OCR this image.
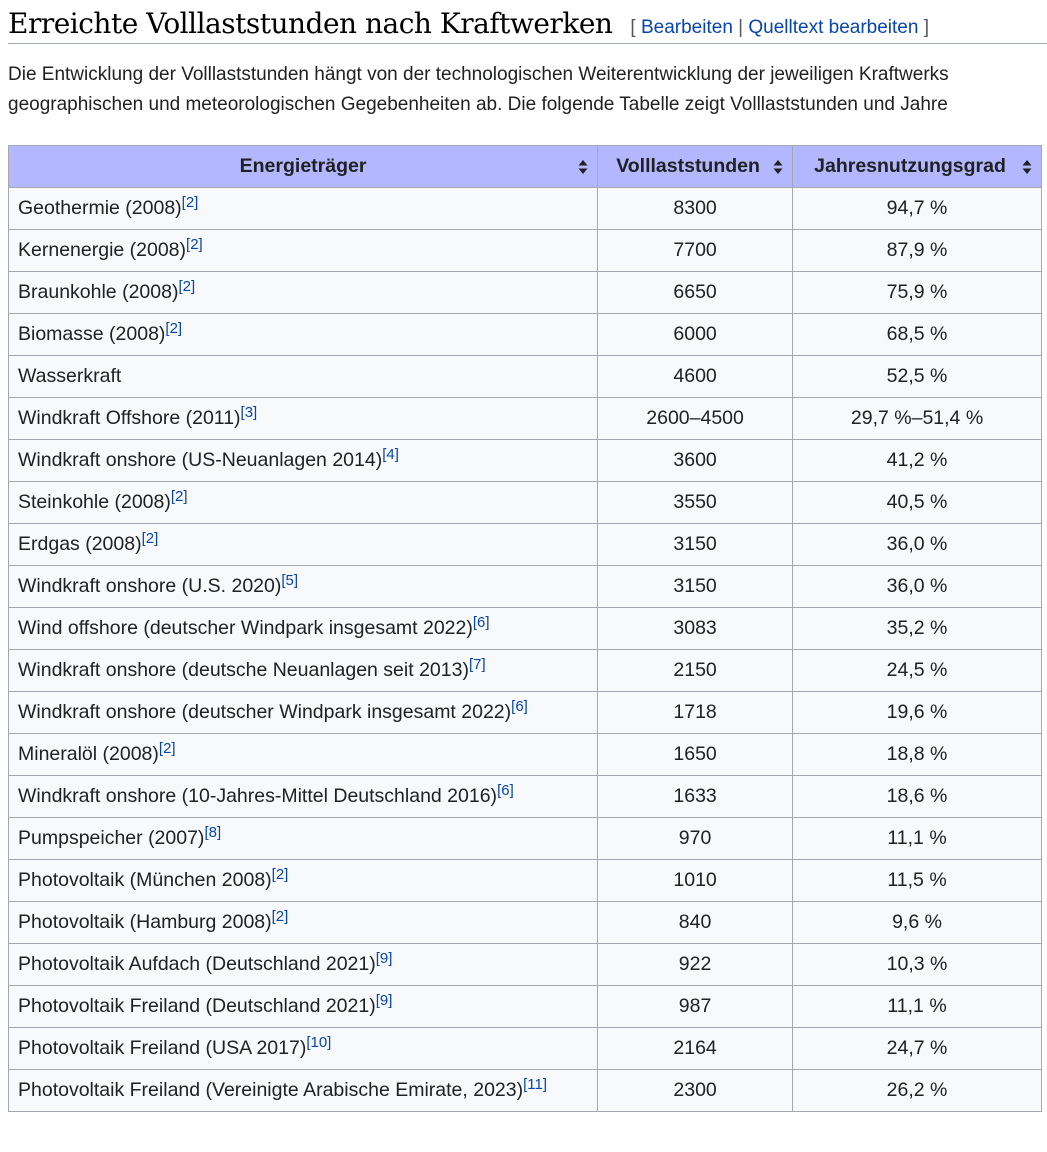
Erreichte Volllaststunden nach Kraftwerken [ Bearbeiten | Quelltext bearbeiten ]
Die Entwicklung der Volllaststunden hängt von der technologischen Weiterentwicklung der jeweiligen Kraftwerks
geographischen und meteorologischen Gegebenheiten ab. Die folgende Tabelle zeigt Volllaststunden und Jahre
Energieträger	Volllaststunden	Jahresnutzungsgrad

Geothermie (2008)[2]	8300	94,7 %
Kernenergie (2008)[2]	7700	87,9 %
Braunkohle (2008)[2]	6650	75,9 %
Biomasse (2008)[2]	6000	68,5 %
Wasserkraft	4600	52,5 %
Windkraft Offshore (2011)[3]	2600–4500	29,7 %–51,4 %
Windkraft onshore (US-Neuanlagen 2014)[4]	3600	41,2 %
Steinkohle (2008)[2]	3550	40,5 %
Erdgas (2008)[2]	3150	36,0 %
Windkraft onshore (U.S. 2020)[5]	3150	36,0 %
Wind offshore (deutscher Windpark insgesamt 2022)[6]	3083	35,2 %
Windkraft onshore (deutsche Neuanlagen seit 2013)[7]	2150	24,5 %
Windkraft onshore (deutscher Windpark insgesamt 2022)[6]	1718	19,6 %
Mineralöl (2008)[2]	1650	18,8 %
Windkraft onshore (10-Jahres-Mittel Deutschland 2016)[6]	1633	18,6 %
Pumpspeicher (2007)[8]	970	11,1 %
Photovoltaik (München 2008)[2]	1010	11,5 %
Photovoltaik (Hamburg 2008)[2]	840	9,6 %
Photovoltaik Aufdach (Deutschland 2021)[9]	922	10,3 %
Photovoltaik Freiland (Deutschland 2021)[9]	987	11,1 %
Photovoltaik Freiland (USA 2017)[10]	2164	24,7 %
Photovoltaik Freiland (Vereinigte Arabische Emirate, 2023)[11]	2300	26,2 %
